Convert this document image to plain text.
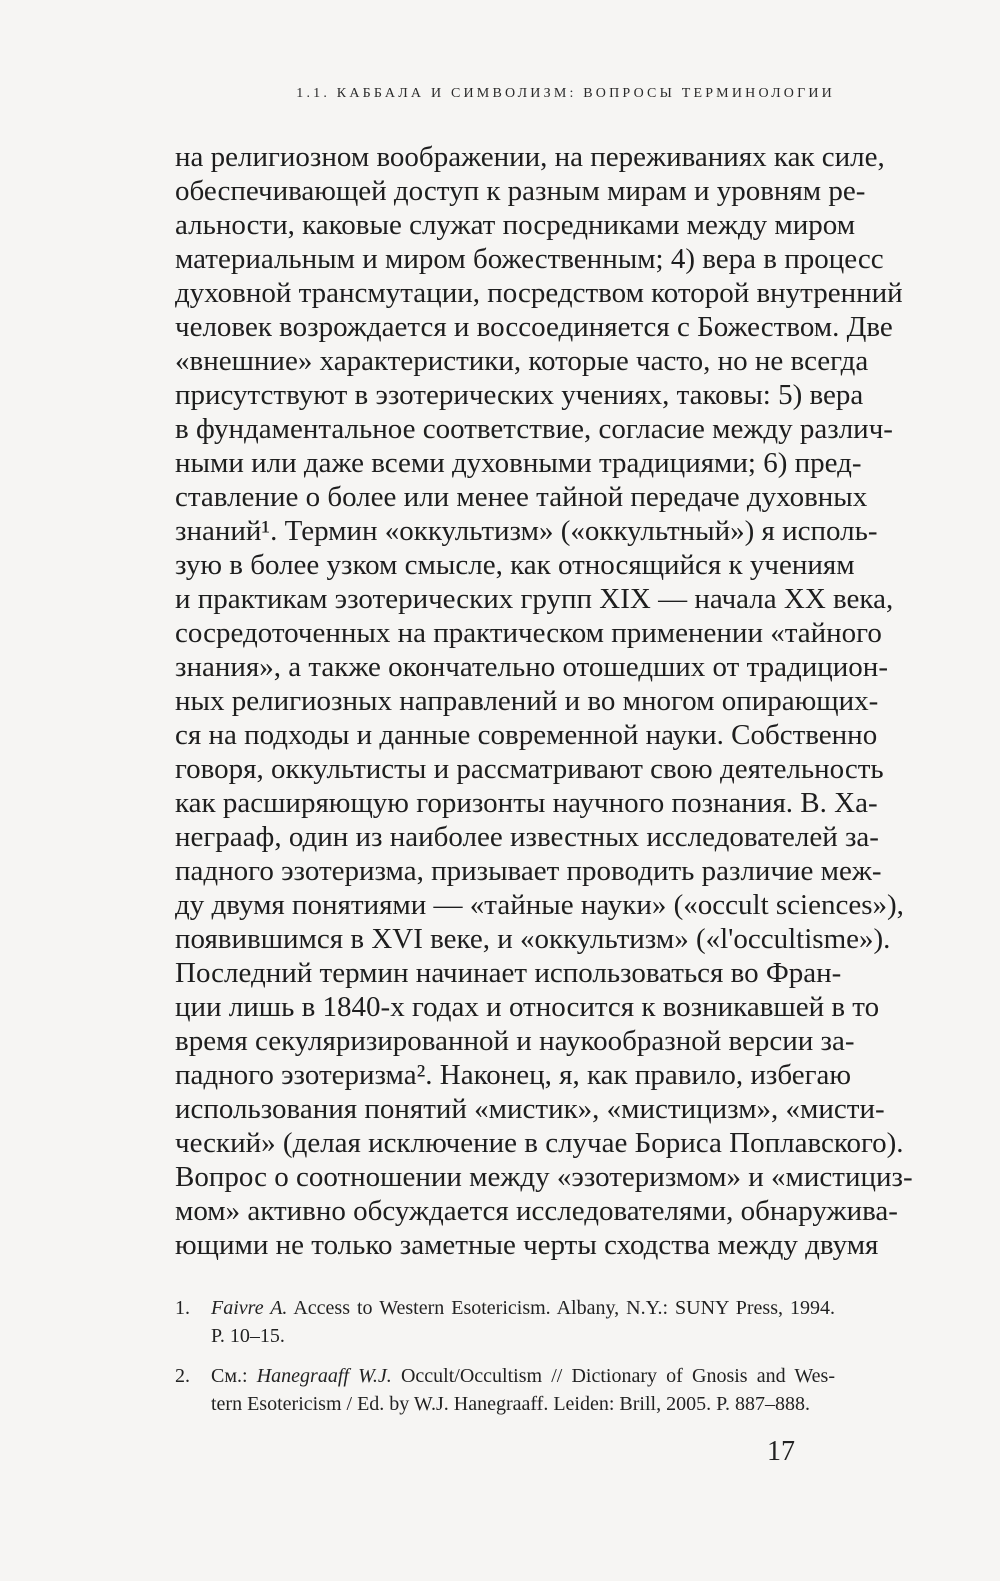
1.1. КАББАЛА И СИМВОЛИЗМ: ВОПРОСЫ ТЕРМИНОЛОГИИ
на религиозном воображении, на переживаниях как силе,
обеспечивающей доступ к разным мирам и уровням ре-
альности, каковые служат посредниками между миром
материальным и миром божественным; 4) вера в процесс
духовной трансмутации, посредством которой внутренний
человек возрождается и воссоединяется с Божеством. Две
«внешние» характеристики, которые часто, но не всегда
присутствуют в эзотерических учениях, таковы: 5) вера
в фундаментальное соответствие, согласие между различ-
ными или даже всеми духовными традициями; 6) пред-
ставление о более или менее тайной передаче духовных
знаний¹. Термин «оккультизм» («оккультный») я исполь-
зую в более узком смысле, как относящийся к учениям
и практикам эзотерических групп XIX — начала XX века,
сосредоточенных на практическом применении «тайного
знания», а также окончательно отошедших от традицион-
ных религиозных направлений и во многом опирающих-
ся на подходы и данные современной науки. Собственно
говоря, оккультисты и рассматривают свою деятельность
как расширяющую горизонты научного познания. В. Ха-
неграаф, один из наиболее известных исследователей за-
падного эзотеризма, призывает проводить различие меж-
ду двумя понятиями — «тайные науки» («occult sciences»),
появившимся в XVI веке, и «оккультизм» («l'occultisme»).
Последний термин начинает использоваться во Фран-
ции лишь в 1840-х годах и относится к возникавшей в то
время секуляризированной и наукообразной версии за-
падного эзотеризма². Наконец, я, как правило, избегаю
использования понятий «мистик», «мистицизм», «мисти-
ческий» (делая исключение в случае Бориса Поплавского).
Вопрос о соотношении между «эзотеризмом» и «мистициз-
мом» активно обсуждается исследователями, обнаружива-
ющими не только заметные черты сходства между двумя
1.	Faivre A. Access to Western Esotericism. Albany, N.Y.: SUNY Press, 1994.
P. 10–15.
2.	См.: Hanegraaff W.J. Occult/Occultism // Dictionary of Gnosis and Wes-
tern Esotericism / Ed. by W.J. Hanegraaff. Leiden: Brill, 2005. P. 887–888.
17
